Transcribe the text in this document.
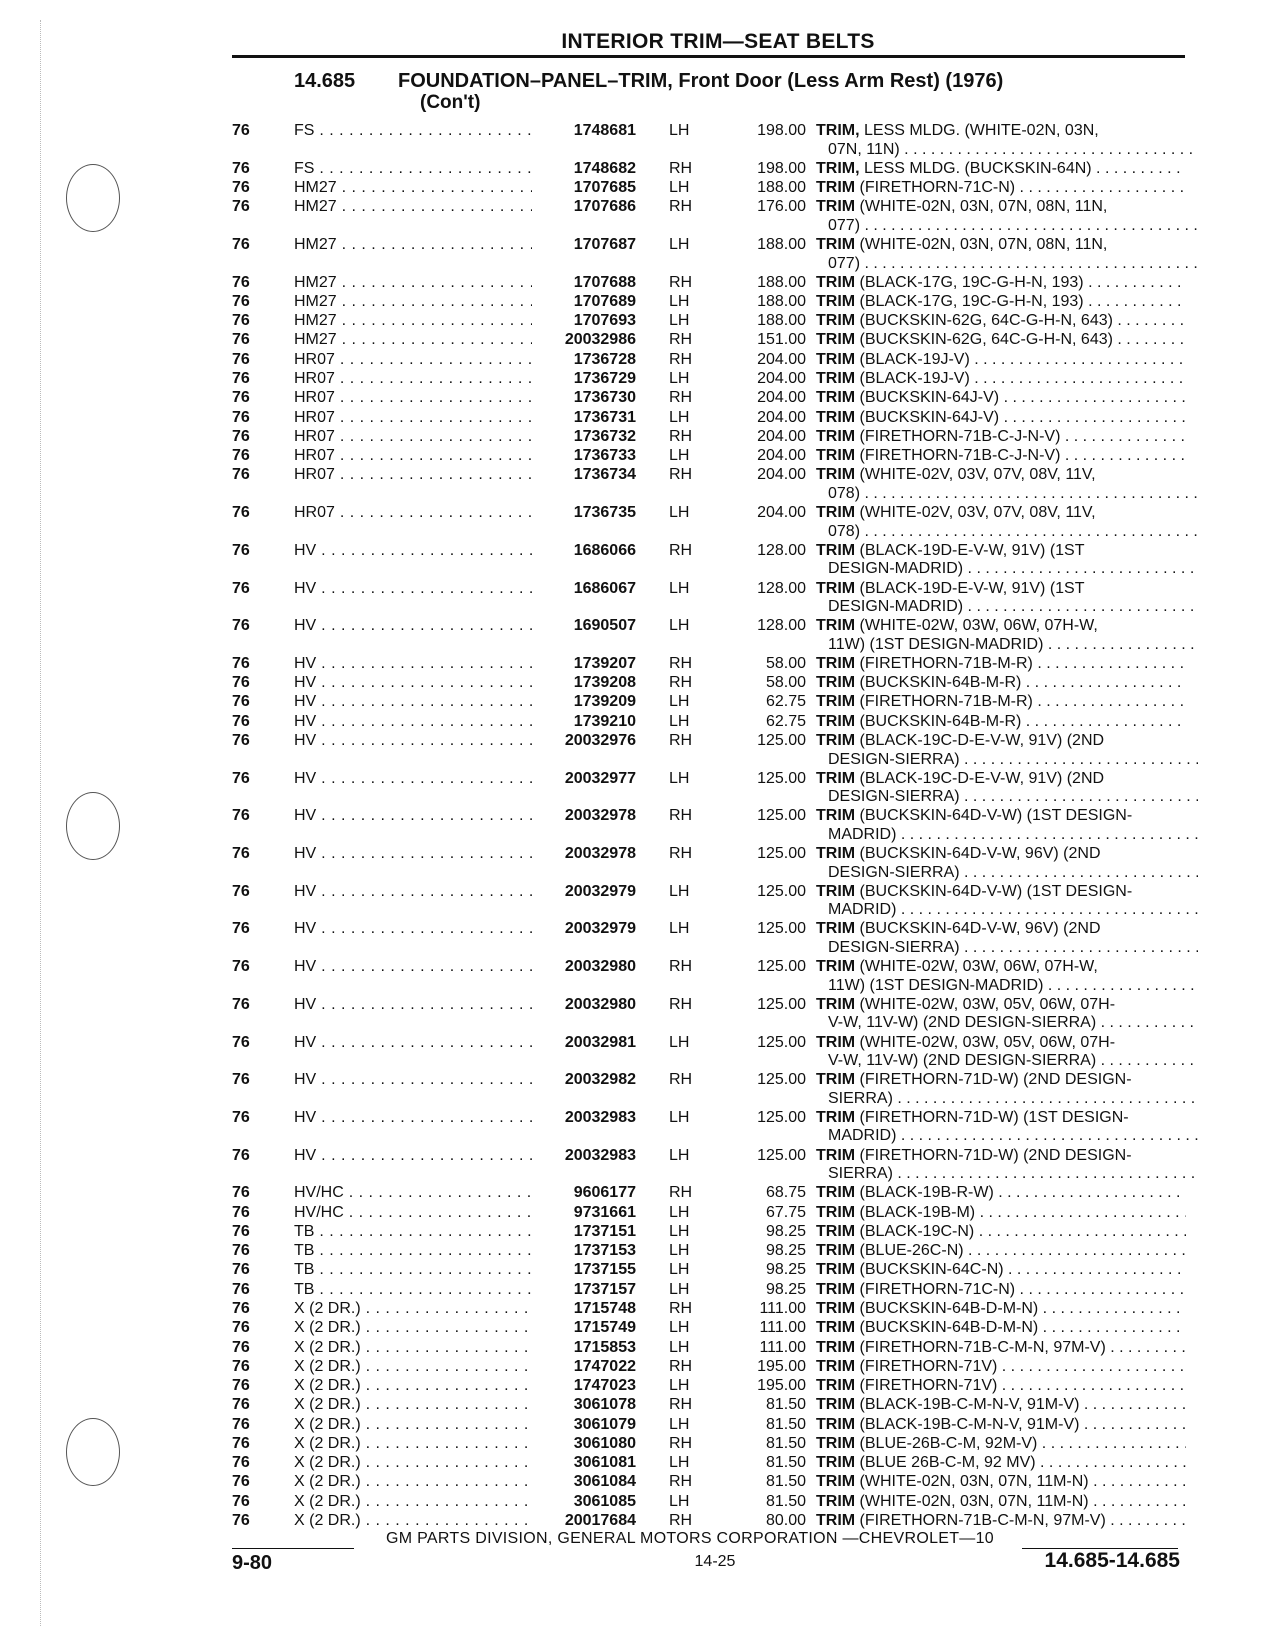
INTERIOR TRIM—SEAT BELTS
14.685 FOUNDATION–PANEL–TRIM, Front Door (Less Arm Rest) (1976)
(Con't)
76	FS . . .	1748681 LH	198.00 TRIM, LESS MLDG. (WHITE-02N, 03N,
07N, 11N) . . .
76	FS . . .	1748682 RH	198.00 TRIM, LESS MLDG. (BUCKSKIN-64N) . . .
76	HM27 . . .	1707685 LH	188.00 TRIM (FIRETHORN-71C-N) . . .
76	HM27 . . .	1707686 RH	176.00 TRIM (WHITE-02N, 03N, 07N, 08N, 11N,
077) . . .
76	HM27 . . .	1707687 LH	188.00 TRIM (WHITE-02N, 03N, 07N, 08N, 11N,
077) . . .
76	HM27 . . .	1707688 RH	188.00 TRIM (BLACK-17G, 19C-G-H-N, 193) . . .
76	HM27 . . .	1707689 LH	188.00 TRIM (BLACK-17G, 19C-G-H-N, 193) . . .
76	HM27 . . .	1707693 LH	188.00 TRIM (BUCKSKIN-62G, 64C-G-H-N, 643) . . .
76	HM27 . . .	20032986 RH	151.00 TRIM (BUCKSKIN-62G, 64C-G-H-N, 643) . . .
76	HR07 . . .	1736728 RH	204.00 TRIM (BLACK-19J-V) . . .
76	HR07 . . .	1736729 LH	204.00 TRIM (BLACK-19J-V) . . .
76	HR07 . . .	1736730 RH	204.00 TRIM (BUCKSKIN-64J-V) . . .
76	HR07 . . .	1736731 LH	204.00 TRIM (BUCKSKIN-64J-V) . . .
76	HR07 . . .	1736732 RH	204.00 TRIM (FIRETHORN-71B-C-J-N-V) . . .
76	HR07 . . .	1736733 LH	204.00 TRIM (FIRETHORN-71B-C-J-N-V) . . .
76	HR07 . . .	1736734 RH	204.00 TRIM (WHITE-02V, 03V, 07V, 08V, 11V,
078) . . .
76	HR07 . . .	1736735 LH	204.00 TRIM (WHITE-02V, 03V, 07V, 08V, 11V,
078) . . .
76	HV . . .	1686066 RH	128.00 TRIM (BLACK-19D-E-V-W, 91V) (1ST
DESIGN-MADRID) . . .
76	HV . . .	1686067 LH	128.00 TRIM (BLACK-19D-E-V-W, 91V) (1ST
DESIGN-MADRID) . . .
76	HV . . .	1690507 LH	128.00 TRIM (WHITE-02W, 03W, 06W, 07H-W,
11W) (1ST DESIGN-MADRID) . . .
76	HV . . .	1739207 RH	58.00 TRIM (FIRETHORN-71B-M-R) . . .
76	HV . . .	1739208 RH	58.00 TRIM (BUCKSKIN-64B-M-R) . . .
76	HV . . .	1739209 LH	62.75 TRIM (FIRETHORN-71B-M-R) . . .
76	HV . . .	1739210 LH	62.75 TRIM (BUCKSKIN-64B-M-R) . . .
76	HV . . .	20032976 RH	125.00 TRIM (BLACK-19C-D-E-V-W, 91V) (2ND
DESIGN-SIERRA) . . .
76	HV . . .	20032977 LH	125.00 TRIM (BLACK-19C-D-E-V-W, 91V) (2ND
DESIGN-SIERRA) . . .
76	HV . . .	20032978 RH	125.00 TRIM (BUCKSKIN-64D-V-W) (1ST DESIGN-
MADRID) . . .
76	HV . . .	20032978 RH	125.00 TRIM (BUCKSKIN-64D-V-W, 96V) (2ND
DESIGN-SIERRA) . . .
76	HV . . .	20032979 LH	125.00 TRIM (BUCKSKIN-64D-V-W) (1ST DESIGN-
MADRID) . . .
76	HV . . .	20032979 LH	125.00 TRIM (BUCKSKIN-64D-V-W, 96V) (2ND
DESIGN-SIERRA) . . .
76	HV . . .	20032980 RH	125.00 TRIM (WHITE-02W, 03W, 06W, 07H-W,
11W) (1ST DESIGN-MADRID) . . .
76	HV . . .	20032980 RH	125.00 TRIM (WHITE-02W, 03W, 05V, 06W, 07H-
V-W, 11V-W) (2ND DESIGN-SIERRA) . . .
76	HV . . .	20032981 LH	125.00 TRIM (WHITE-02W, 03W, 05V, 06W, 07H-
V-W, 11V-W) (2ND DESIGN-SIERRA) . . .
76	HV . . .	20032982 RH	125.00 TRIM (FIRETHORN-71D-W) (2ND DESIGN-
SIERRA) . . .
76	HV . . .	20032983 LH	125.00 TRIM (FIRETHORN-71D-W) (1ST DESIGN-
MADRID) . . .
76	HV . . .	20032983 LH	125.00 TRIM (FIRETHORN-71D-W) (2ND DESIGN-
SIERRA) . . .
76	HV/HC . . .	9606177 RH	68.75 TRIM (BLACK-19B-R-W) . . .
76	HV/HC . . .	9731661 LH	67.75 TRIM (BLACK-19B-M) . . .
76	TB . . .	1737151 LH	98.25 TRIM (BLACK-19C-N) . . .
76	TB . . .	1737153 LH	98.25 TRIM (BLUE-26C-N) . . .
76	TB . . .	1737155 LH	98.25 TRIM (BUCKSKIN-64C-N) . . .
76	TB . . .	1737157 LH	98.25 TRIM (FIRETHORN-71C-N) . . .
76	X (2 DR.) . . .	1715748 RH	111.00 TRIM (BUCKSKIN-64B-D-M-N) . . .
76	X (2 DR.) . . .	1715749 LH	111.00 TRIM (BUCKSKIN-64B-D-M-N) . . .
76	X (2 DR.) . . .	1715853 LH	111.00 TRIM (FIRETHORN-71B-C-M-N, 97M-V) . . .
76	X (2 DR.) . . .	1747022 RH	195.00 TRIM (FIRETHORN-71V) . . .
76	X (2 DR.) . . .	1747023 LH	195.00 TRIM (FIRETHORN-71V) . . .
76	X (2 DR.) . . .	3061078 RH	81.50 TRIM (BLACK-19B-C-M-N-V, 91M-V) . . .
76	X (2 DR.) . . .	3061079 LH	81.50 TRIM (BLACK-19B-C-M-N-V, 91M-V) . . .
76	X (2 DR.) . . .	3061080 RH	81.50 TRIM (BLUE-26B-C-M, 92M-V) . . .
76	X (2 DR.) . . .	3061081 LH	81.50 TRIM (BLUE 26B-C-M, 92 MV) . . .
76	X (2 DR.) . . .	3061084 RH	81.50 TRIM (WHITE-02N, 03N, 07N, 11M-N) . . .
76	X (2 DR.) . . .	3061085 LH	81.50 TRIM (WHITE-02N, 03N, 07N, 11M-N) . . .
76	X (2 DR.) . . .	20017684 RH	80.00 TRIM (FIRETHORN-71B-C-M-N, 97M-V) . . .
GM PARTS DIVISION, GENERAL MOTORS CORPORATION —CHEVROLET—10
9-80	14-25	14.685-14.685
